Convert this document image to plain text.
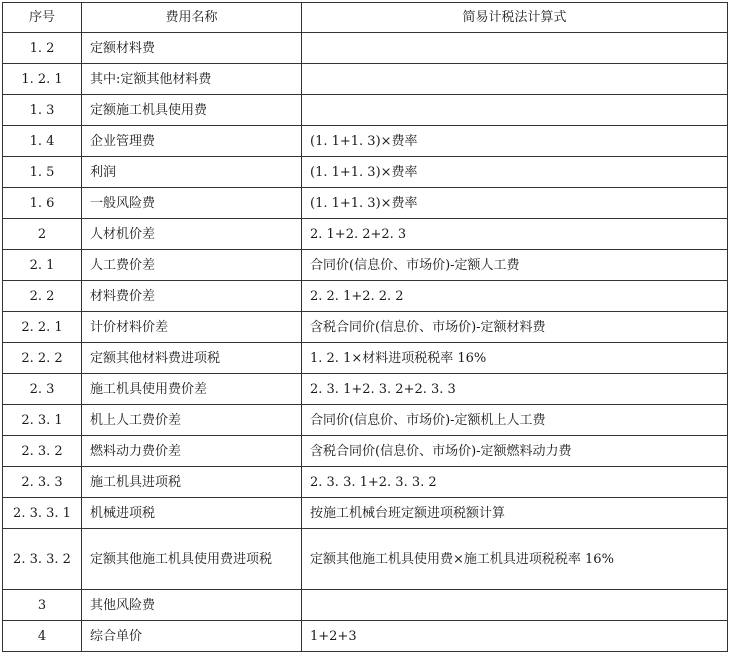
序号	费用名称	简易计税法计算式
1. 2	定额材料费	
1. 2. 1	其中:定额其他材料费	
1. 3	定额施工机具使用费	
1. 4	企业管理费	(1. 1+1. 3)×费率
1. 5	利润	(1. 1+1. 3)×费率
1. 6	一般风险费	(1. 1+1. 3)×费率
2	人材机价差	2. 1+2. 2+2. 3
2. 1	人工费价差	合同价(信息价、市场价)-定额人工费
2. 2	材料费价差	2. 2. 1+2. 2. 2
2. 2. 1	计价材料价差	含税合同价(信息价、市场价)-定额材料费
2. 2. 2	定额其他材料费进项税	1. 2. 1×材料进项税税率 16%
2. 3	施工机具使用费价差	2. 3. 1+2. 3. 2+2. 3. 3
2. 3. 1	机上人工费价差	合同价(信息价、市场价)-定额机上人工费
2. 3. 2	燃料动力费价差	含税合同价(信息价、市场价)-定额燃料动力费
2. 3. 3	施工机具进项税	2. 3. 3. 1+2. 3. 3. 2
2. 3. 3. 1	机械进项税	按施工机械台班定额进项税额计算
2. 3. 3. 2	定额其他施工机具使用费进项税	定额其他施工机具使用费×施工机具进项税税率 16%
3	其他风险费	
4	综合单价	1+2+3
